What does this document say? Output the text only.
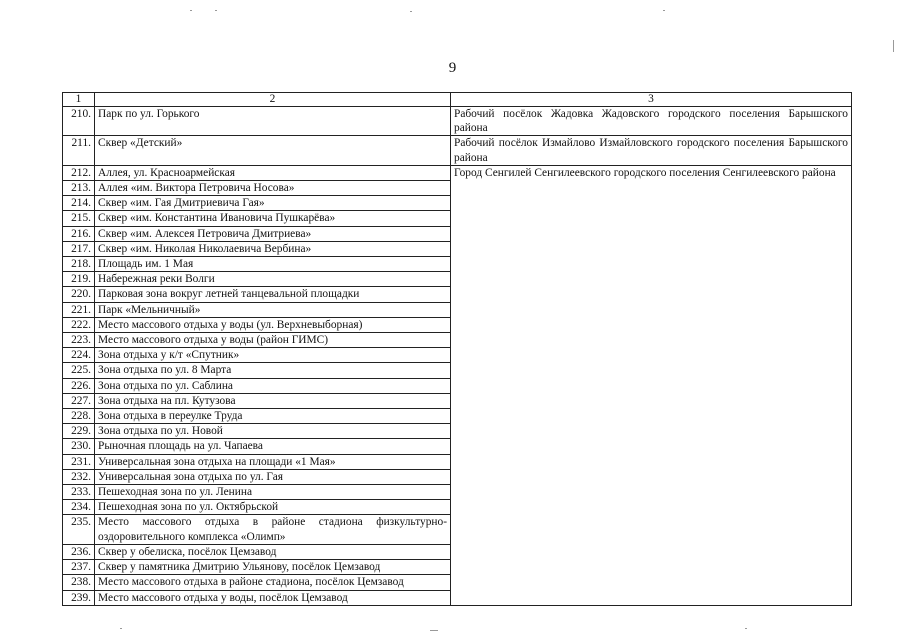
9
1	2	3
210.	Парк по ул. Горького	Рабочий посёлок Жадовка Жадовского городского поселения Барышского района
211.	Сквер «Детский»	Рабочий посёлок Измайлово Измайловского городского поселения Барышского района
212.	Аллея, ул. Красноармейская	Город Сенгилей Сенгилеевского городского поселения Сенгилеевского района
213.	Аллея «им. Виктора Петровича Носова»	
214.	Сквер «им. Гая Дмитриевича Гая»	
215.	Сквер «им. Константина Ивановича Пушкарёва»	
216.	Сквер «им. Алексея Петровича Дмитриева»	
217.	Сквер «им. Николая Николаевича Вербина»	
218.	Площадь им. 1 Мая	
219.	Набережная реки Волги	
220.	Парковая зона вокруг летней танцевальной площадки	
221.	Парк «Мельничный»	
222.	Место массового отдыха у воды (ул. Верхневыборная)	
223.	Место массового отдыха у воды (район ГИМС)	
224.	Зона отдыха у к/т «Спутник»	
225.	Зона отдыха по ул. 8 Марта	
226.	Зона отдыха по ул. Саблина	
227.	Зона отдыха на пл. Кутузова	
228.	Зона отдыха в переулке Труда	
229.	Зона отдыха по ул. Новой	
230.	Рыночная площадь на ул. Чапаева	
231.	Универсальная зона отдыха на площади «1 Мая»	
232.	Универсальная зона отдыха по ул. Гая	
233.	Пешеходная зона по ул. Ленина	
234.	Пешеходная зона по ул. Октябрьской	
235.	Место массового отдыха в районе стадиона физкультурно-оздоровительного комплекса «Олимп»	
236.	Сквер у обелиска, посёлок Цемзавод	
237.	Сквер у памятника Дмитрию Ульянову, посёлок Цемзавод	
238.	Место массового отдыха в районе стадиона, посёлок Цемзавод	
239.	Место массового отдыха у воды, посёлок Цемзавод	
